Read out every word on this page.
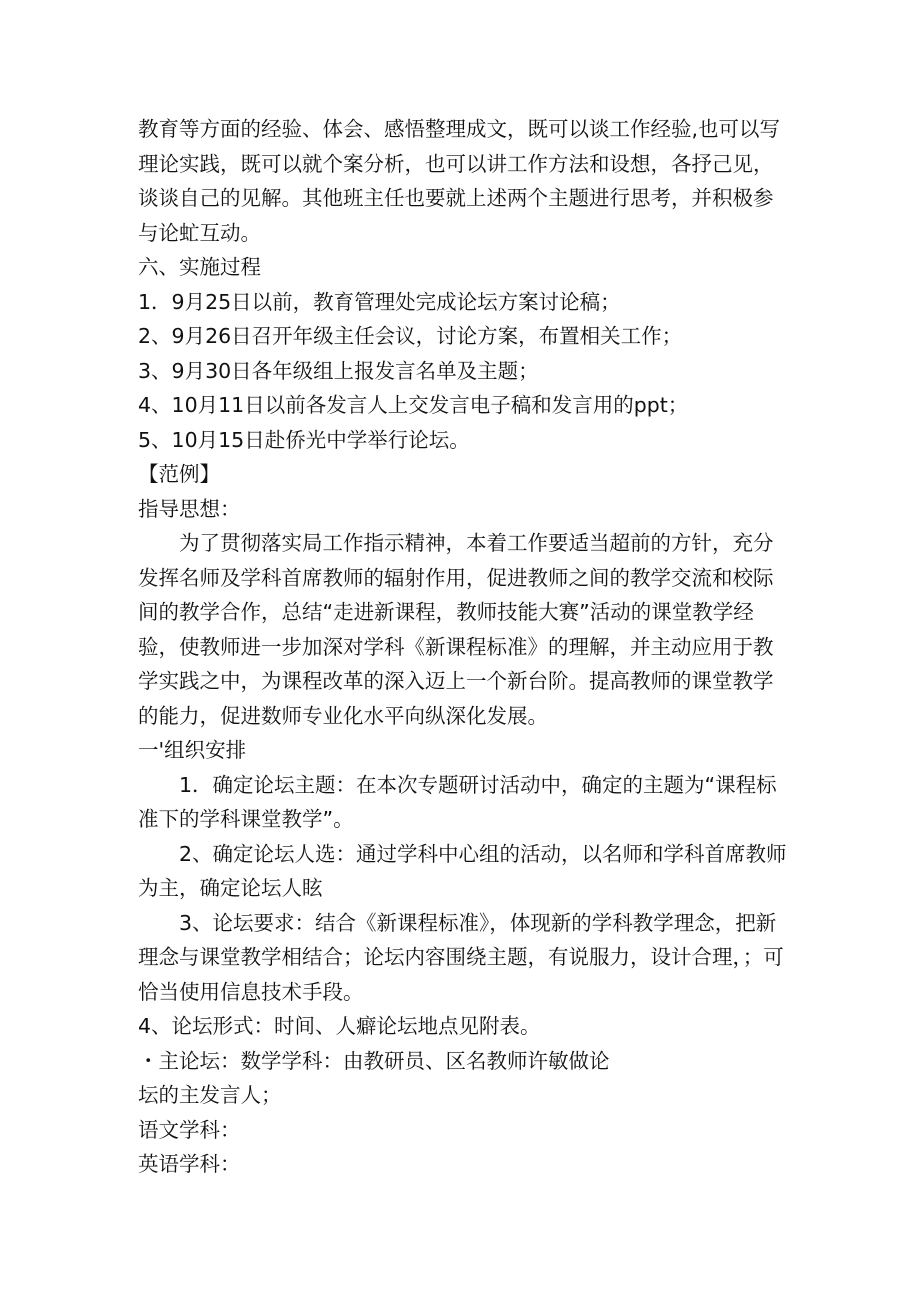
教育等方面的经验、体会、感悟整理成文，既可以谈工作经验,也可以写理论实践，既可以就个案分析，也可以讲工作方法和设想，各抒己见，谈谈自己的见解。其他班主任也要就上述两个主题进行思考，并积极参与论虻互动。

六、实施过程

1．9月25日以前，教育管理处完成论坛方案讨论稿；

2、9月26日召开年级主任会议，讨论方案，布置相关工作；

3、9月30日各年级组上报发言名单及主题；

4、10月11日以前各发言人上交发言电子稿和发言用的ppt；

5、10月15日赴侨光中学举行论坛。

【范例】

指导思想：

为了贯彻落实局工作指示精神，本着工作要适当超前的方针，充分发挥名师及学科首席教师的辐射作用，促进教师之间的教学交流和校际间的教学合作，总结“走进新课程，教师技能大赛”活动的课堂教学经验，使教师进一步加深对学科《新课程标准》的理解，并主动应用于教学实践之中，为课程改革的深入迈上一个新台阶。提高教师的课堂教学的能力，促进数师专业化水平向纵深化发展。

一'组织安排

1．确定论坛主题：在本次专题研讨活动中，确定的主题为“课程标准下的学科课堂教学”。

2、确定论坛人选：通过学科中心组的活动，以名师和学科首席教师为主，确定论坛人眩

3、论坛要求：结合《新课程标准》，体现新的学科教学理念，把新理念与课堂教学相结合；论坛内容围绕主题，有说服力，设计合理，；可恰当使用信息技术手段。

4、论坛形式：时间、人癖论坛地点见附表。

・主论坛：数学学科：由教研员、区名教师许敏做论

坛的主发言人；

语文学科：

英语学科：
